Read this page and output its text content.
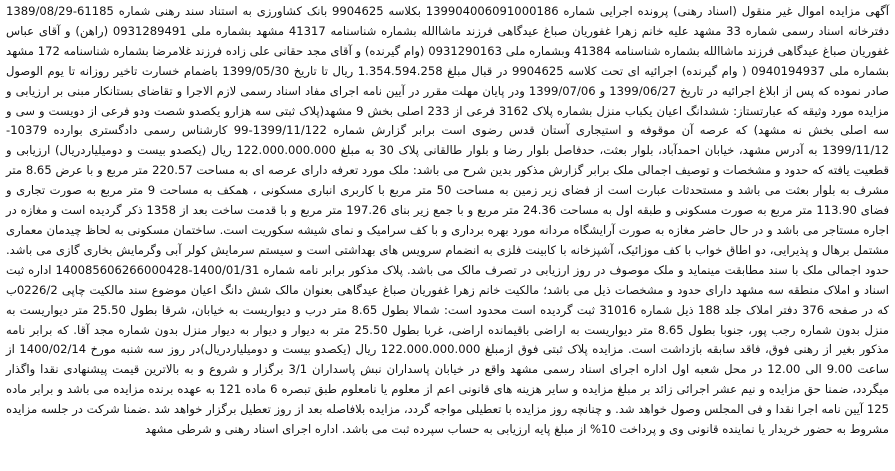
آگهی مزایده اموال غیر منقول (اسناد رهنی) پرونده اجرایی شماره 139904006091000186 بکلاسه 9904625 بانک کشاورزی به استناد سند رهنی شماره 61185-1389/08/29 دفترخانه اسناد رسمی شماره 33 مشهد علیه خانم زهرا غفوریان صباغ عیدگاهی فرزند ماشاالله بشماره شناسنامه 41317 مشهد بشماره ملی 0931289491 (راهن) و آقای عباس غفوریان صباغ عیدگاهی فرزند ماشاالله بشماره شناسنامه 41384 وبشماره ملی 0931290163 (وام گیرنده) و آقای مجد حقانی علی زاده فرزند غلامرضا بشماره شناسنامه 172 مشهد بشماره ملی 0940194937 ( وام گیرنده) اجرائیه ای تحت کلاسه 9904625 در قبال مبلغ 1.354.594.258 ریال تا تاریخ 1399/05/30 باضمام خسارت تاخیر روزانه تا یوم الوصول صادر نموده که پس از ابلاغ اجرائیه در تاریخ 1399/06/27 و 1399/07/06 ودر پایان مهلت مقرر در آیین نامه اجرای مفاد اسناد رسمی لازم الاجرا و تقاضای بستانکار مبنی بر ارزیابی و مزایده مورد وثیقه که عبارتستاز: ششدانگ اعیان یکباب منزل بشماره پلاک 3162 فرعی از 233 اصلی بخش 9 مشهد(پلاک ثبتی سه هزارو یکصدو شصت ودو فرعی از دویست و سی و سه اصلی بخش نه مشهد) که عرصه آن موقوفه و استیجاری آستان قدس رضوی است برابر گزارش شماره 1399/11/122-99 کارشناس رسمی دادگستری بوارده 10379-1399/11/12 به آدرس مشهد، خیابان احمدآباد، بلوار بعثت، حدفاصل بلوار رضا و بلوار طالقانی پلاک 30 به مبلغ 122.000.000.000 ریال (یکصدو بیست و دومیلیاردریال) ارزیابی و قطعیت یافته که حدود و مشخصات و توصیف اجمالی ملک برابر گزارش مذکور بدین شرح می باشد: ملک مورد تعرفه دارای عرصه ای به مساحت 220.57 متر مربع و با عرض 8.65 متر مشرف به بلوار بعثت می باشد و مستحدثات عبارت است از فضای زیر زمین به مساحت 50 متر مربع با کاربری انباری مسکونی ، همکف به مساحت 9 متر مربع به صورت تجاری و فضای 113.90 متر مربع به صورت مسکونی و طبقه اول به مساحت 24.36 متر مربع و با جمع زیر بنای 197.26 متر مربع و با قدمت ساخت بعد از 1358 ذکر گردیده است و مغازه در اجاره مستاجر می باشد و در حال حاضر مغازه به صورت آرایشگاه مردانه مورد بهره برداری و با کف سرامیک و نمای شیشه سکوریت است. ساختمان مسکونی به لحاظ چیدمان معماری مشتمل برهال و پذیرایی، دو اطاق خواب با کف موزائیک، آشپزخانه با کابینت فلزی به انضمام سرویس های بهداشتی است و سیستم سرمایش کولر آبی وگرمایش بخاری گازی می باشد. حدود اجمالی ملک با سند مطابقت مینماید و ملک موصوف در روز ارزیابی در تصرف مالک می باشد. پلاک مذکور برابر نامه شماره 1400/01/31-140085606266000428 اداره ثبت اسناد و املاک منطقه سه مشهد دارای حدود و مشخصات ذیل می باشد؛ مالکیت خانم زهرا غفوریان صباغ عیدگاهی بعنوان مالک شش دانگ اعیان موضوع سند مالکیت چاپی 0226/2ب که در صفحه 376 دفتر املاک جلد 188 ذیل شماره 31016 ثبت گردیده است محدود است: شمالا بطول 8.65 متر درب و دیواریست به خیابان، شرقا بطول 25.50 متر دیواریست به منزل بدون شماره رجب پور، جنوبا بطول 8.65 متر دیواریست به اراضی باقیمانده اراضی، غربا بطول 25.50 متر به دیوار و دیوار به دیوار منزل بدون شماره مجد آقا. که برابر نامه مذکور بغیر از رهنی فوق، فاقد سابقه بازداشت است. مزایده پلاک ثبتی فوق ازمبلغ 122.000.000.000 ریال (یکصدو بیست و دومیلیاردریال)در روز سه شنبه مورخ 1400/02/14 از ساعت 9.00 الی 12.00 در محل شعبه اول اداره اجرای اسناد رسمی مشهد واقع در خیابان پاسداران نبش پاسداران 3/1 برگزار و شروع و به بالاترین قیمت پیشنهادی نقدا واگذار میگردد، ضمنا حق مزایده و نیم عشر اجرائی زائد بر مبلغ مزایده و سایر هزینه های قانونی اعم از معلوم یا نامعلوم طبق تبصره 6 ماده 121 به عهده برنده مزایده می باشد و برابر ماده 125 آیین نامه اجرا نقدا و فی المجلس وصول خواهد شد. و چنانچه روز مزایده با تعطیلی مواجه گردد، مزایده بلافاصله بعد از روز تعطیل برگزار خواهد شد .ضمنا شرکت در جلسه مزایده مشروط به حضور خریدار یا نماینده قانونی وی و پرداخت 10% از مبلغ پایه ارزیابی به حساب سپرده ثبت می باشد. اداره اجرای اسناد رهنی و شرطی مشهد
